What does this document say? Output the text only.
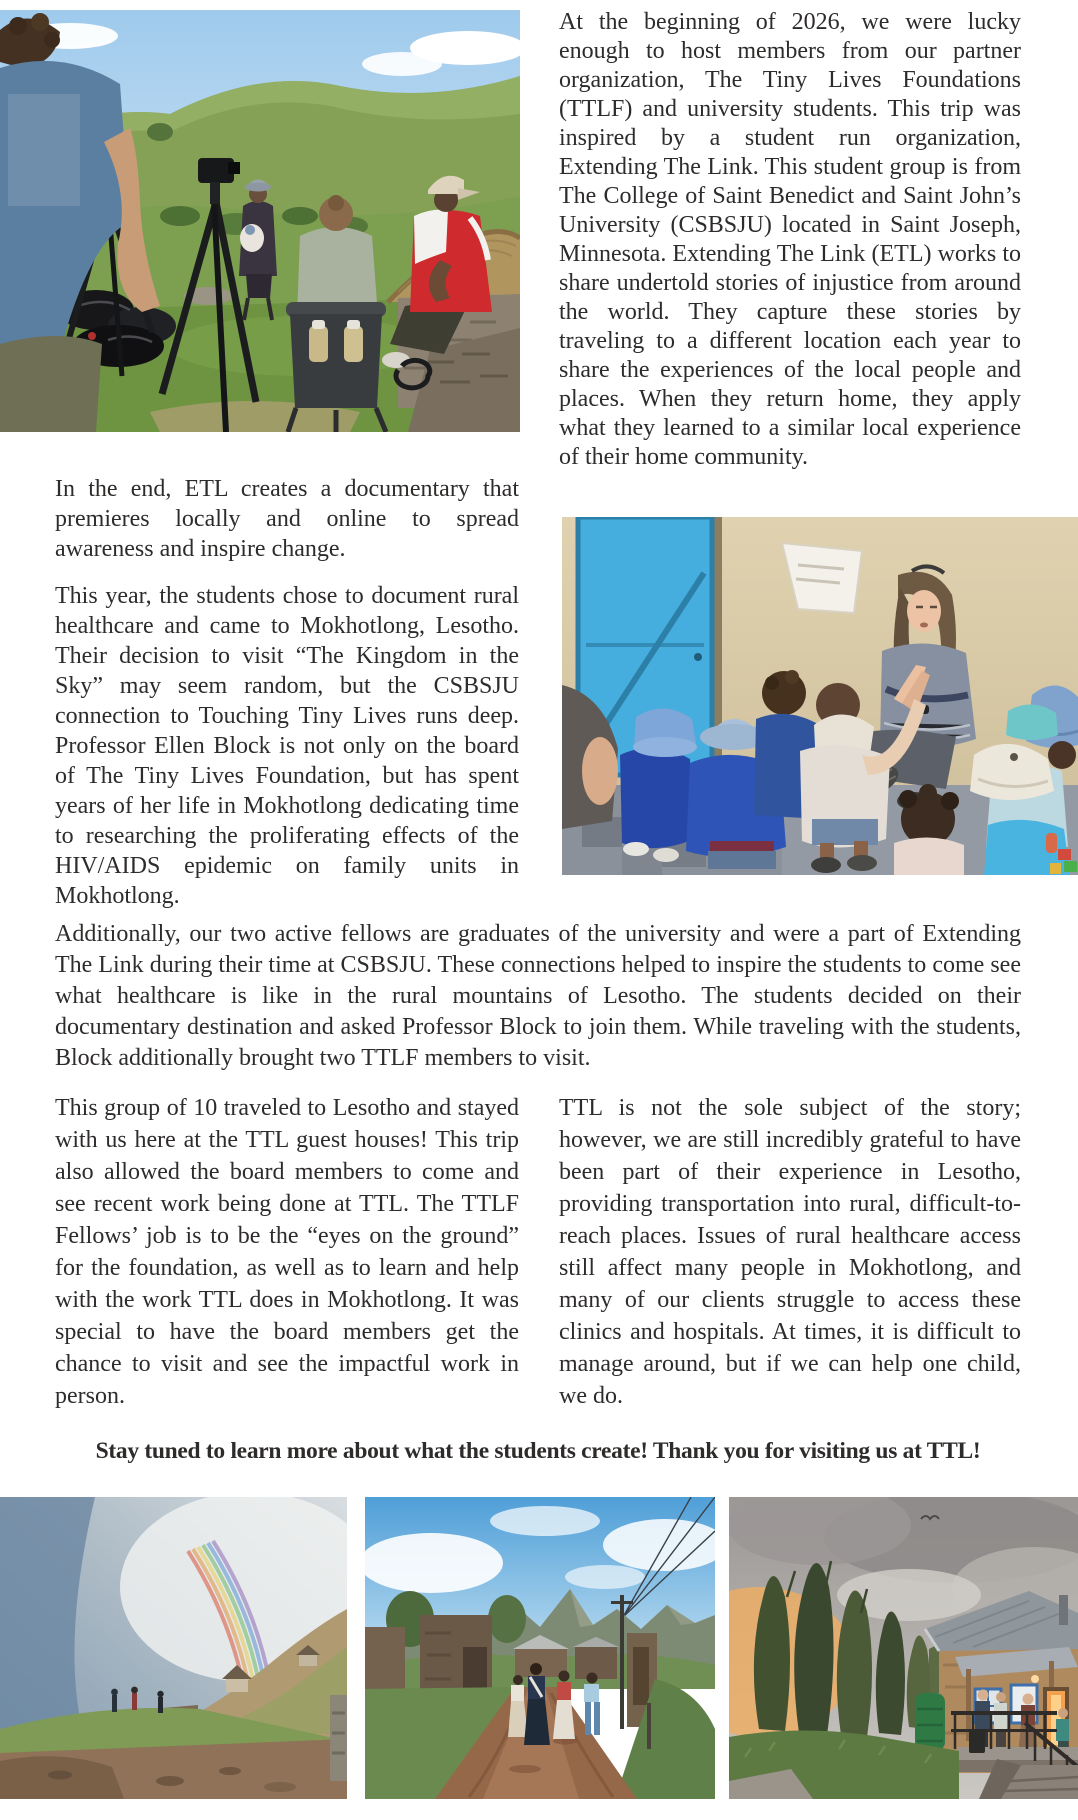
At the beginning of 2026, we were lucky enough to host members from our partner organization, The Tiny Lives Foundations (TTLF) and university students. This trip was inspired by a student run organization, Extending The Link. This student group is from The College of Saint Benedict and Saint John’s University (CSBSJU) located in Saint Joseph, Minnesota. Extending The Link (ETL) works to share undertold stories of injustice from around the world. They capture these stories by traveling to a different location each year to share the experiences of the local people and places. When they return home, they apply what they learned to a similar local experience of their home community.

In the end, ETL creates a documentary that premieres locally and online to spread awareness and inspire change.

This year, the students chose to document rural healthcare and came to Mokhotlong, Lesotho. Their decision to visit “The Kingdom in the Sky” may seem random, but the CSBSJU connection to Touching Tiny Lives runs deep. Professor Ellen Block is not only on the board of The Tiny Lives Foundation, but has spent years of her life in Mokhotlong dedicating time to researching the proliferating effects of the HIV/AIDS epidemic on family units in Mokhotlong.

Additionally, our two active fellows are graduates of the university and were a part of Extending The Link during their time at CSBSJU. These connections helped to inspire the students to come see what healthcare is like in the rural mountains of Lesotho. The students decided on their documentary destination and asked Professor Block to join them. While traveling with the students, Block additionally brought two TTLF members to visit.

This group of 10 traveled to Lesotho and stayed with us here at the TTL guest houses! This trip also allowed the board members to come and see recent work being done at TTL. The TTLF Fellows’ job is to be the “eyes on the ground” for the foundation, as well as to learn and help with the work TTL does in Mokhotlong. It was special to have the board members get the chance to visit and see the impactful work in person.

TTL is not the sole subject of the story; however, we are still incredibly grateful to have been part of their experience in Lesotho, providing transportation into rural, difficult-to-reach places. Issues of rural healthcare access still affect many people in Mokhotlong, and many of our clients struggle to access these clinics and hospitals. At times, it is difficult to manage around, but if we can help one child, we do.

Stay tuned to learn more about what the students create! Thank you for visiting us at TTL!
